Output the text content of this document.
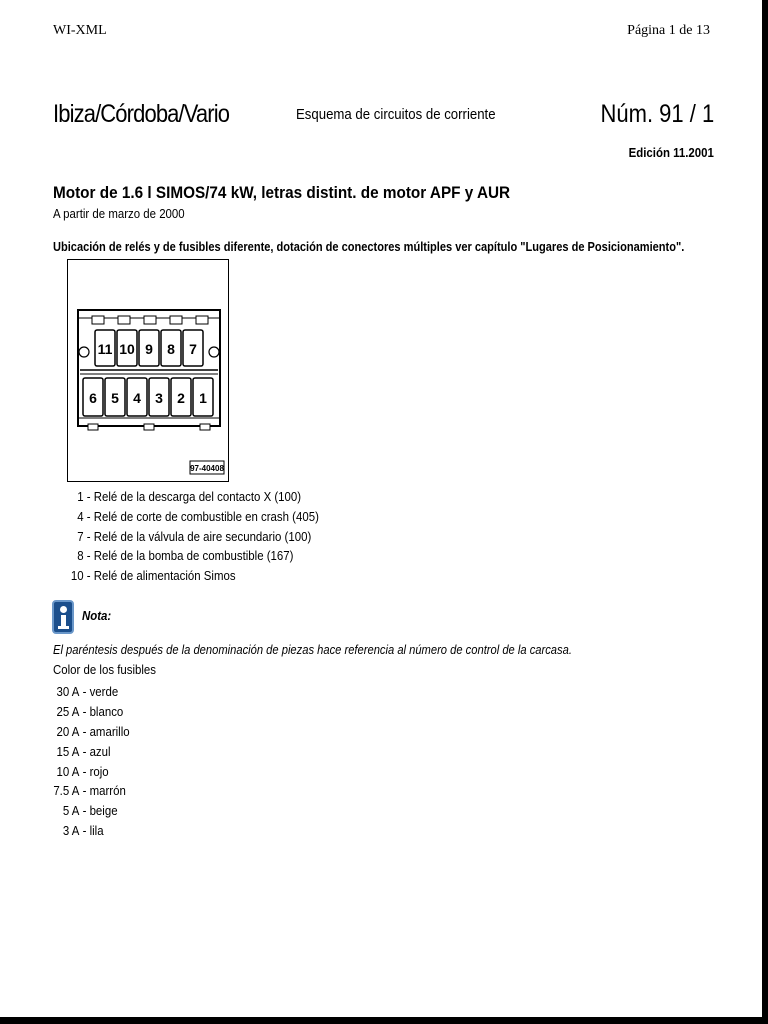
WI-XML	Página 1 de 13
Ibiza/Córdoba/Vario	Esquema de circuitos de corriente	Núm. 91 / 1
Edición 11.2001
Motor de 1.6 l SIMOS/74 kW, letras distint. de motor APF y AUR
A partir de marzo de 2000
Ubicación de relés y de fusibles diferente, dotación de conectores múltiples ver capítulo "Lugares de Posicionamiento".
11 10 9 8 7
6 5 4 3 2 1
97-40408
1 - Relé de la descarga del contacto X (100)
4 - Relé de corte de combustible en crash (405)
7 - Relé de la válvula de aire secundario (100)
8 - Relé de la bomba de combustible (167)
10 - Relé de alimentación Simos
Nota:
El paréntesis después de la denominación de piezas hace referencia al número de control de la carcasa.
Color de los fusibles
30 A - verde
25 A - blanco
20 A - amarillo
15 A - azul
10 A - rojo
7.5 A - marrón
5 A - beige
3 A - lila
